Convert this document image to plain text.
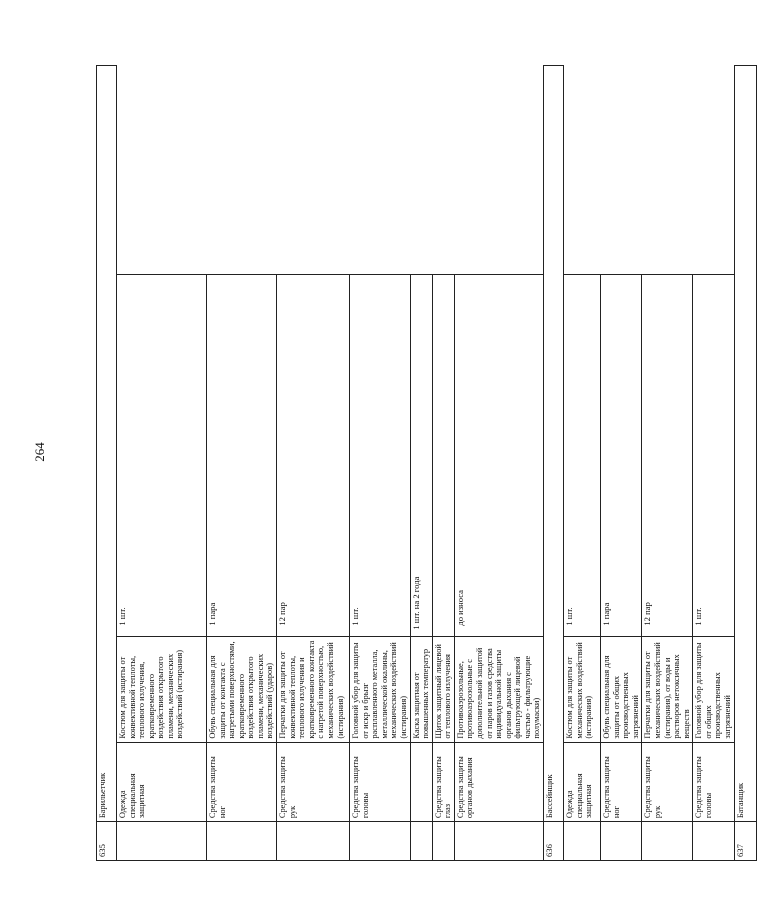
264
635	Барильетчик		
	Одежда специальная защитная	Костюм для защиты от конвективной теплоты, теплового излучения, кратковременного воздействия открытого пламени, механических воздействий (истирания)	1 шт.
	Средства защиты ног	Обувь специальная для защиты от контакта с нагретыми поверхностями, кратковременного воздействия открытого пламени, механических воздействий (ударов)	1 пара
	Средства защиты рук	Перчатки для защиты от конвективной теплоты, теплового излучения и кратковременного контакта с нагретой поверхностью, механических воздействий (истирания)	12 пар
	Средства защиты головы	Головной убор для защиты от искр и брызг расплавленного металла, металлической окалины, механических воздействий (истирания)	1 шт.
		Каска защитная от повышенных температур	1 шт. на 2 года
	Средства защиты глаз	Щиток защитный лицевой от теплового излучения	
	Средства защиты органов дыхания	Противоаэрозольные, противоаэрозольные с дополнительной защитой от паров и газов средства индивидуальной защиты органов дыхания с фильтрующей лицевой частью - фильтрующие полумаски)	до износа
636	Бассейнщик		
	Одежда специальная защитная	Костюм для защиты от механических воздействий (истирания)	1 шт.
	Средства защиты ног	Обувь специальная для защиты от общих производственных загрязнений	1 пара
	Средства защиты рук	Перчатки для защиты от механических воздействий (истирания), от воды и растворов нетоксичных веществ	12 пар
	Средства защиты головы	Головной убор для защиты от общих производственных загрязнений	1 шт.
637	Батанщик		
